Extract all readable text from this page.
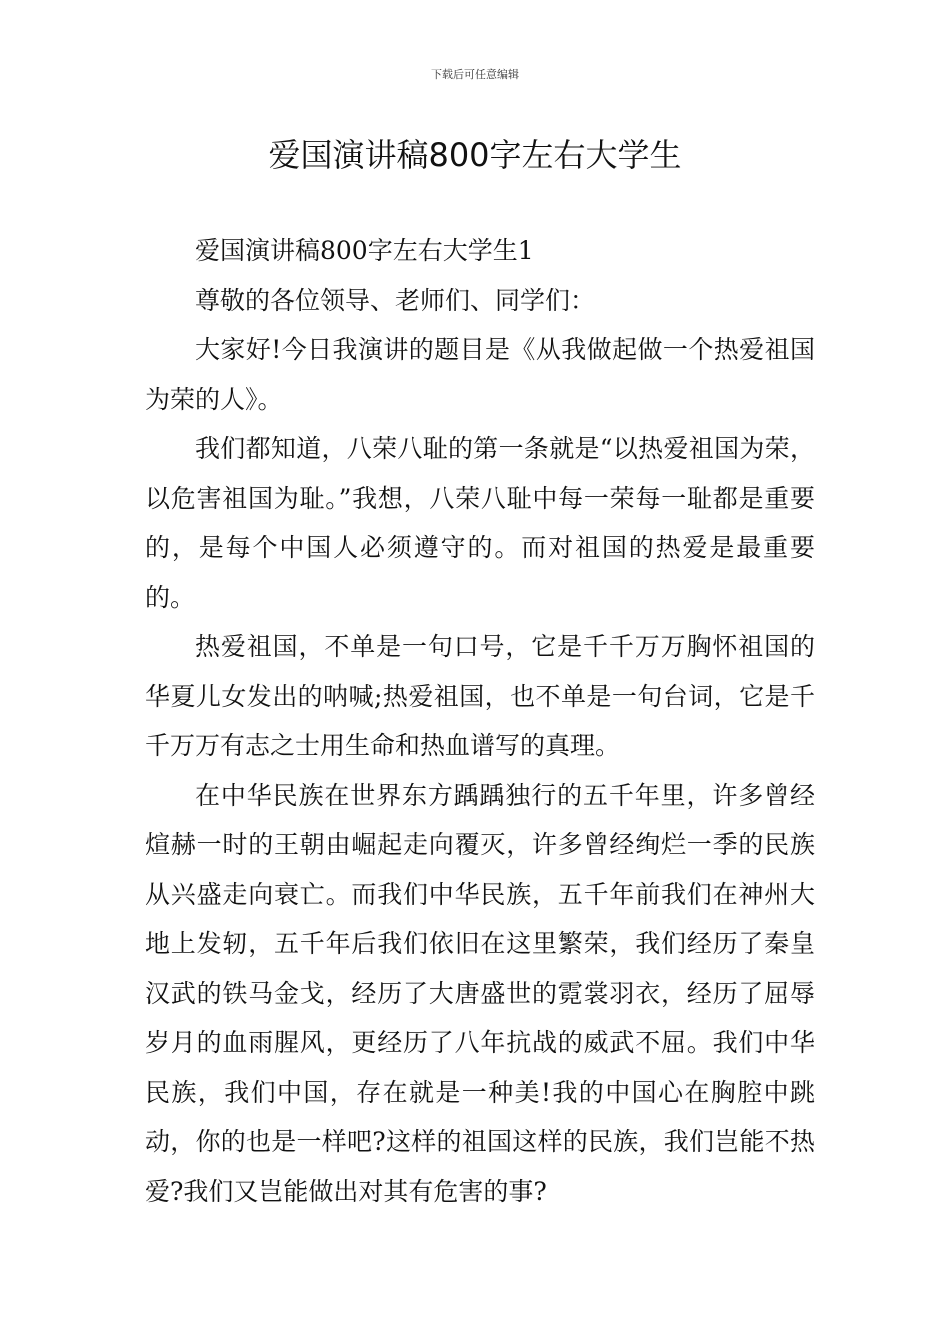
下载后可任意编辑
爱国演讲稿800字左右大学生

爱国演讲稿800字左右大学生1

尊敬的各位领导、老师们、同学们：

大家好!今日我演讲的题目是《从我做起做一个热爱祖国为荣的人》。

我们都知道，八荣八耻的第一条就是“以热爱祖国为荣，以危害祖国为耻。”我想，八荣八耻中每一荣每一耻都是重要的，是每个中国人必须遵守的。而对祖国的热爱是最重要的。

热爱祖国，不单是一句口号，它是千千万万胸怀祖国的华夏儿女发出的呐喊;热爱祖国，也不单是一句台词，它是千千万万有志之士用生命和热血谱写的真理。

在中华民族在世界东方踽踽独行的五千年里，许多曾经煊赫一时的王朝由崛起走向覆灭，许多曾经绚烂一季的民族从兴盛走向衰亡。而我们中华民族，五千年前我们在神州大地上发轫，五千年后我们依旧在这里繁荣，我们经历了秦皇汉武的铁马金戈，经历了大唐盛世的霓裳羽衣，经历了屈辱岁月的血雨腥风，更经历了八年抗战的威武不屈。我们中华民族，我们中国，存在就是一种美!我的中国心在胸腔中跳动，你的也是一样吧?这样的祖国这样的民族，我们岂能不热爱?我们又岂能做出对其有危害的事?
